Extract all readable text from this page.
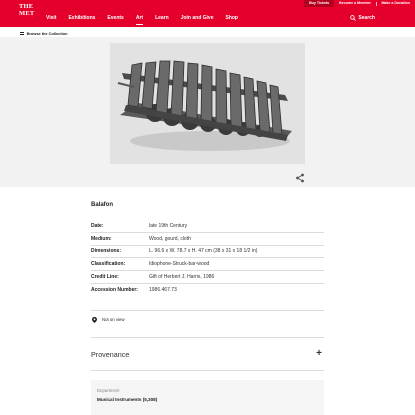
THE
MET
Buy Tickets	Become a Member	Make a Donation
Visit Exhibitions Events Art Learn Join and Give Shop	Search
Browse the Collection
Balafon
Date:	late 19th Century
Medium:	Wood, gourd, cloth
Dimensions:	L. 96.6 x W. 78.7 x H. 47 cm (38 x 31 x 18 1/2 in)
Classification:	Idiophone-Struck-bar-wood
Credit Line:	Gift of Herbert J. Harris, 1986
Accession Number:	1986.467.73
Not on view
Provenance	+
Department
Musical Instruments (5,308)
